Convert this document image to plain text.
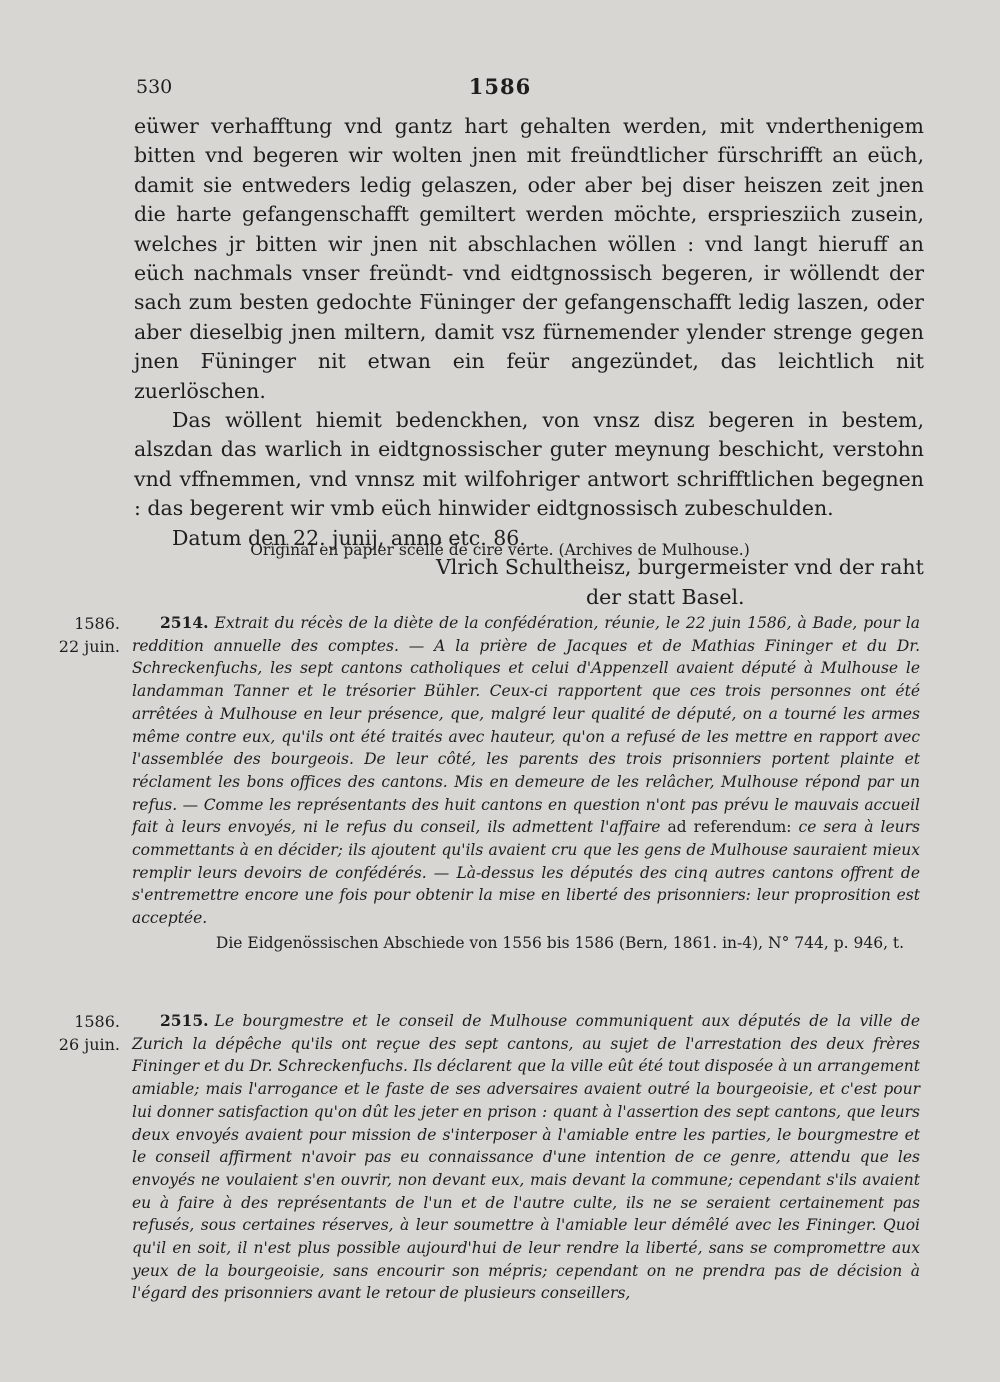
530	1586

eüwer verhafftung vnd gantz hart gehalten werden, mit vnderthenigem bitten vnd begeren wir wolten jnen mit freündtlicher fürschrifft an eüch, damit sie entweders ledig gelaszen, oder aber bej diser heiszen zeit jnen die harte gefangenschafft gemiltert werden möchte, erspriesziich zusein, welches jr bitten wir jnen nit abschlachen wöllen : vnd langt hieruff an eüch nachmals vnser freündt- vnd eidtgnossisch begeren, ir wöllendt der sach zum besten gedochte Füninger der gefangenschafft ledig laszen, oder aber dieselbig jnen miltern, damit vsz fürnemender ylender strenge gegen jnen Füninger nit etwan ein feür angezündet, das leichtlich nit zuerlöschen.

Das wöllent hiemit bedenckhen, von vnsz disz begeren in bestem, alszdan das warlich in eidtgnossischer guter meynung beschicht, verstohn vnd vffnemmen, vnd vnnsz mit wilfohriger antwort schrifftlichen begegnen : das begerent wir vmb eüch hinwider eidtgnossisch zubeschulden.

Datum den 22. junij, anno etc. 86.

Vlrich Schultheisz, burgermeister vnd der raht

der statt Basel.

Original en papier scellé de cire verte. (Archives de Mulhouse.)
1586.
22 juin.

2514. Extrait du récès de la diète de la confédération, réunie, le 22 juin 1586, à Bade, pour la reddition annuelle des comptes. — A la prière de Jacques et de Mathias Fininger et du Dr. Schreckenfuchs, les sept cantons catholiques et celui d'Appenzell avaient député à Mulhouse le landamman Tanner et le trésorier Bühler. Ceux-ci rapportent que ces trois personnes ont été arrêtées à Mulhouse en leur présence, que, malgré leur qualité de député, on a tourné les armes même contre eux, qu'ils ont été traités avec hauteur, qu'on a refusé de les mettre en rapport avec l'assemblée des bourgeois. De leur côté, les parents des trois prisonniers portent plainte et réclament les bons offices des cantons. Mis en demeure de les relâcher, Mulhouse répond par un refus. — Comme les représentants des huit cantons en question n'ont pas prévu le mauvais accueil fait à leurs envoyés, ni le refus du conseil, ils admettent l'affaire ad referendum: ce sera à leurs commettants à en décider; ils ajoutent qu'ils avaient cru que les gens de Mulhouse sauraient mieux remplir leurs devoirs de confédérés. — Là-dessus les députés des cinq autres cantons offrent de s'entremettre encore une fois pour obtenir la mise en liberté des prisonniers: leur proprosition est acceptée.

Die Eidgenössischen Abschiede von 1556 bis 1586 (Bern, 1861. in-4), N° 744, p. 946, t.
1586.
26 juin.

2515. Le bourgmestre et le conseil de Mulhouse communiquent aux députés de la ville de Zurich la dépêche qu'ils ont reçue des sept cantons, au sujet de l'arrestation des deux frères Fininger et du Dr. Schreckenfuchs. Ils déclarent que la ville eût été tout disposée à un arrangement amiable; mais l'arrogance et le faste de ses adversaires avaient outré la bourgeoisie, et c'est pour lui donner satisfaction qu'on dût les jeter en prison : quant à l'assertion des sept cantons, que leurs deux envoyés avaient pour mission de s'interposer à l'amiable entre les parties, le bourgmestre et le conseil affirment n'avoir pas eu connaissance d'une intention de ce genre, attendu que les envoyés ne voulaient s'en ouvrir, non devant eux, mais devant la commune; cependant s'ils avaient eu à faire à des représentants de l'un et de l'autre culte, ils ne se seraient certainement pas refusés, sous certaines réserves, à leur soumettre à l'amiable leur démêlé avec les Fininger. Quoi qu'il en soit, il n'est plus possible aujourd'hui de leur rendre la liberté, sans se compromettre aux yeux de la bourgeoisie, sans encourir son mépris; cependant on ne prendra pas de décision à l'égard des prisonniers avant le retour de plusieurs conseillers,
